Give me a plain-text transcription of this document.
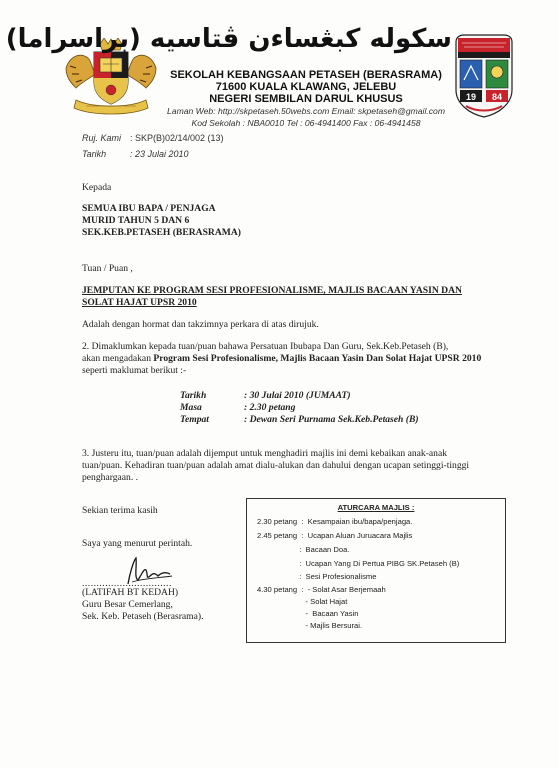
سکوله کبڠساءن ڤتاسيه (براسراما)
SEKOLAH KEBANGSAAN PETASEH (BERASRAMA)
71600 KUALA KLAWANG, JELEBU
NEGERI SEMBILAN DARUL KHUSUS
Laman Web: http://skpetaseh.50webs.com Email: skpetaseh@gmail.com
Kod Sekolah : NBA0010 Tel : 06-4941400 Fax : 06-4941458
19 84
Ruj. Kami : SKP(B)02/14/002 (13)
Tarikh	: 23 Julai 2010
Kepada
SEMUA IBU BAPA / PENJAGA
MURID TAHUN 5 DAN 6
SEK.KEB.PETASEH (BERASRAMA)
Tuan / Puan ,
JEMPUTAN KE PROGRAM SESI PROFESIONALISME, MAJLIS BACAAN YASIN DAN
SOLAT HAJAT UPSR 2010
Adalah dengan hormat dan takzimnya perkara di atas dirujuk.
2. Dimaklumkan kepada tuan/puan bahawa Persatuan Ibubapa Dan Guru, Sek.Keb.Petaseh (B),
akan mengadakan Program Sesi Profesionalisme, Majlis Bacaan Yasin Dan Solat Hajat UPSR 2010
seperti maklumat berikut :-
Tarikh	: 30 Julai 2010 (JUMAAT)
Masa	: 2.30 petang
Tempat	: Dewan Seri Purnama Sek.Keb.Petaseh (B)
3. Justeru itu, tuan/puan adalah dijemput untuk menghadiri majlis ini demi kebaikan anak-anak
tuan/puan. Kehadiran tuan/puan adalah amat dialu-alukan dan dahului dengan ucapan setinggi-tinggi
penghargaan. .
Sekian terima kasih
Saya yang menurut perintah.
...............................
(LATIFAH BT KEDAH)
Guru Besar Cemerlang,
Sek. Keb. Petaseh (Berasrama).
ATURCARA MAJLIS :
2.30 petang  :  Kesampaian ibu/bapa/penjaga.
2.45 petang  :  Ucapan Aluan Juruacara Majlis
:  Bacaan Doa.
:  Ucapan Yang Di Pertua PIBG SK.Petaseh (B)
:  Sesi Profesionalisme
4.30 petang  :  - Solat Asar Berjemaah
- Solat Hajat
-  Bacaan Yasin
- Majlis Bersurai.
